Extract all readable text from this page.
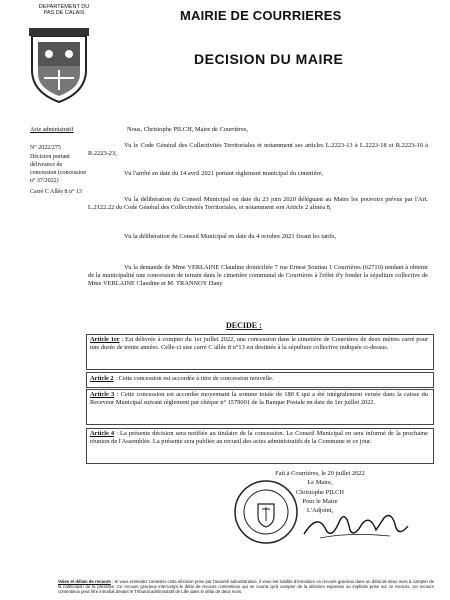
DEPARTEMENT DU PAS DE CALAIS	MAIRIE DE COURRIERES
DECISION DU MAIRE
Acte administratif
N° 2022/275
Décision portant délivrance de concession (concession n° 37/2022)
Carré C Allée 8 n° 13
Nous, Christophe PILCH, Maire de Courrières,
Vu le Code Général des Collectivités Territoriales et notamment ses articles L.2223-13 à L.2223-18 et R.2223-10 à R.2223-23,
Vu l'arrêté en date du 14 avril 2021 portant règlement municipal du cimetière,
Vu la délibération du Conseil Municipal en date du 23 juin 2020 déléguant au Maire les pouvoirs prévus par l'Art. L.2122.22 du Code Général des Collectivités Territoriales, et notamment son Article 2 alinéa 8,
Vu la délibération du Conseil Municipal en date du 4 octobre 2021 fixant les tarifs,
Vu la demande de Mme VERLAINE Claudine domiciliée 7 rue Ernest Soutiau 1 Courrières (62710) tendant à obtenir de la municipalité une concession de terrain dans le cimetière communal de Courrières à l'effet d'y fonder la sépulture collective de Mme VERLAINE Claudine et M. TRANNOY Dany
DECIDE :
Article 1er : Est délivrée à compter du 1er juillet 2022, une concession dans le cimetière de Courrières de deux mètres carré pour une durée de trente années. Celle-ci sise carré C allée 8 n°13 est destinée à la sépulture collective indiquée ci-dessus.
Article 2 : Cette concession est accordée à titre de concession nouvelle.
Article 3 : Cette concession est accordée moyennant la somme totale de 180 € qui a été intégralement versée dans la caisse du Receveur Municipal suivant règlement par chèque n° 1579001 de la Banque Postale en date du 1er juillet 2022.
Article 4 : La présente décision sera notifiée au titulaire de la concession. Le Conseil Municipal en sera informé de la prochaine réunion de l'Assemblée. La présente sera publiée au recueil des actes administratifs de la Commune et ce jour.
Fait à Courrières, le 29 juillet 2022
Le Maire,
Christophe PILCH
Pour le Maire
L'Adjoint,
Voies et délais de recours : Si vous entendez contester cette décision prise par l'autorité administrative, il vous est loisible d'introduire un recours gracieux dans un délai de deux mois à compter de la notification de la présente. Ce recours gracieux interrompt le délai de recours contentieux qui ne courra qu'à compter de la décision expresse ou implicite prise sur ce recours. Un recours contentieux peut être introduit devant le Tribunal administratif de Lille dans le délai de deux mois.
